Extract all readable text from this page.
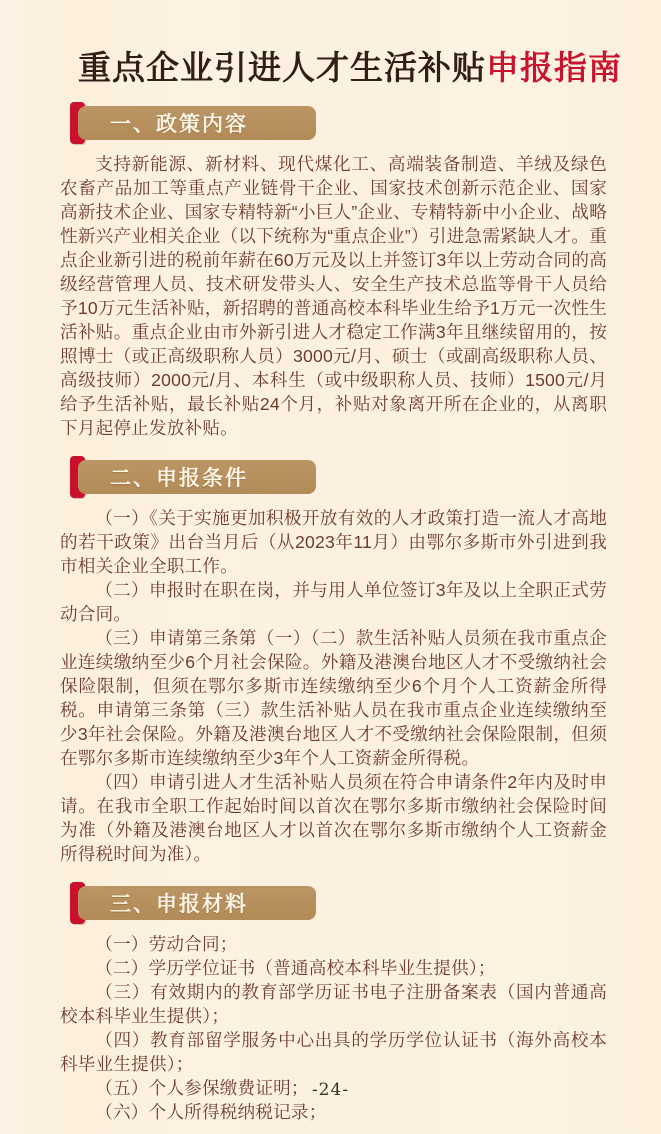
重点企业引进人才生活补贴申报指南
一、政策内容

支持新能源、新材料、现代煤化工、高端装备制造、羊绒及绿色农畜产品加工等重点产业链骨干企业、国家技术创新示范企业、国家高新技术企业、国家专精特新“小巨人”企业、专精特新中小企业、战略性新兴产业相关企业（以下统称为“重点企业”）引进急需紧缺人才。重点企业新引进的税前年薪在60万元及以上并签订3年以上劳动合同的高级经营管理人员、技术研发带头人、安全生产技术总监等骨干人员给予10万元生活补贴，新招聘的普通高校本科毕业生给予1万元一次性生活补贴。重点企业由市外新引进人才稳定工作满3年且继续留用的，按照博士（或正高级职称人员）3000元/月、硕士（或副高级职称人员、高级技师）2000元/月、本科生（或中级职称人员、技师）1500元/月给予生活补贴，最长补贴24个月，补贴对象离开所在企业的，从离职下月起停止发放补贴。

二、申报条件

（一）《关于实施更加积极开放有效的人才政策打造一流人才高地的若干政策》出台当月后（从2023年11月）由鄂尔多斯市外引进到我市相关企业全职工作。

（二）申报时在职在岗，并与用人单位签订3年及以上全职正式劳动合同。

（三）申请第三条第（一）（二）款生活补贴人员须在我市重点企业连续缴纳至少6个月社会保险。外籍及港澳台地区人才不受缴纳社会保险限制，但须在鄂尔多斯市连续缴纳至少6个月个人工资薪金所得税。申请第三条第（三）款生活补贴人员在我市重点企业连续缴纳至少3年社会保险。外籍及港澳台地区人才不受缴纳社会保险限制，但须在鄂尔多斯市连续缴纳至少3年个人工资薪金所得税。

（四）申请引进人才生活补贴人员须在符合申请条件2年内及时申请。在我市全职工作起始时间以首次在鄂尔多斯市缴纳社会保险时间为准（外籍及港澳台地区人才以首次在鄂尔多斯市缴纳个人工资薪金所得税时间为准）。

三、申报材料

（一）劳动合同；

（二）学历学位证书（普通高校本科毕业生提供）；

（三）有效期内的教育部学历证书电子注册备案表（国内普通高校本科毕业生提供）；

（四）教育部留学服务中心出具的学历学位认证书（海外高校本科毕业生提供）；

（五）个人参保缴费证明；

（六）个人所得税纳税记录；

-24-
